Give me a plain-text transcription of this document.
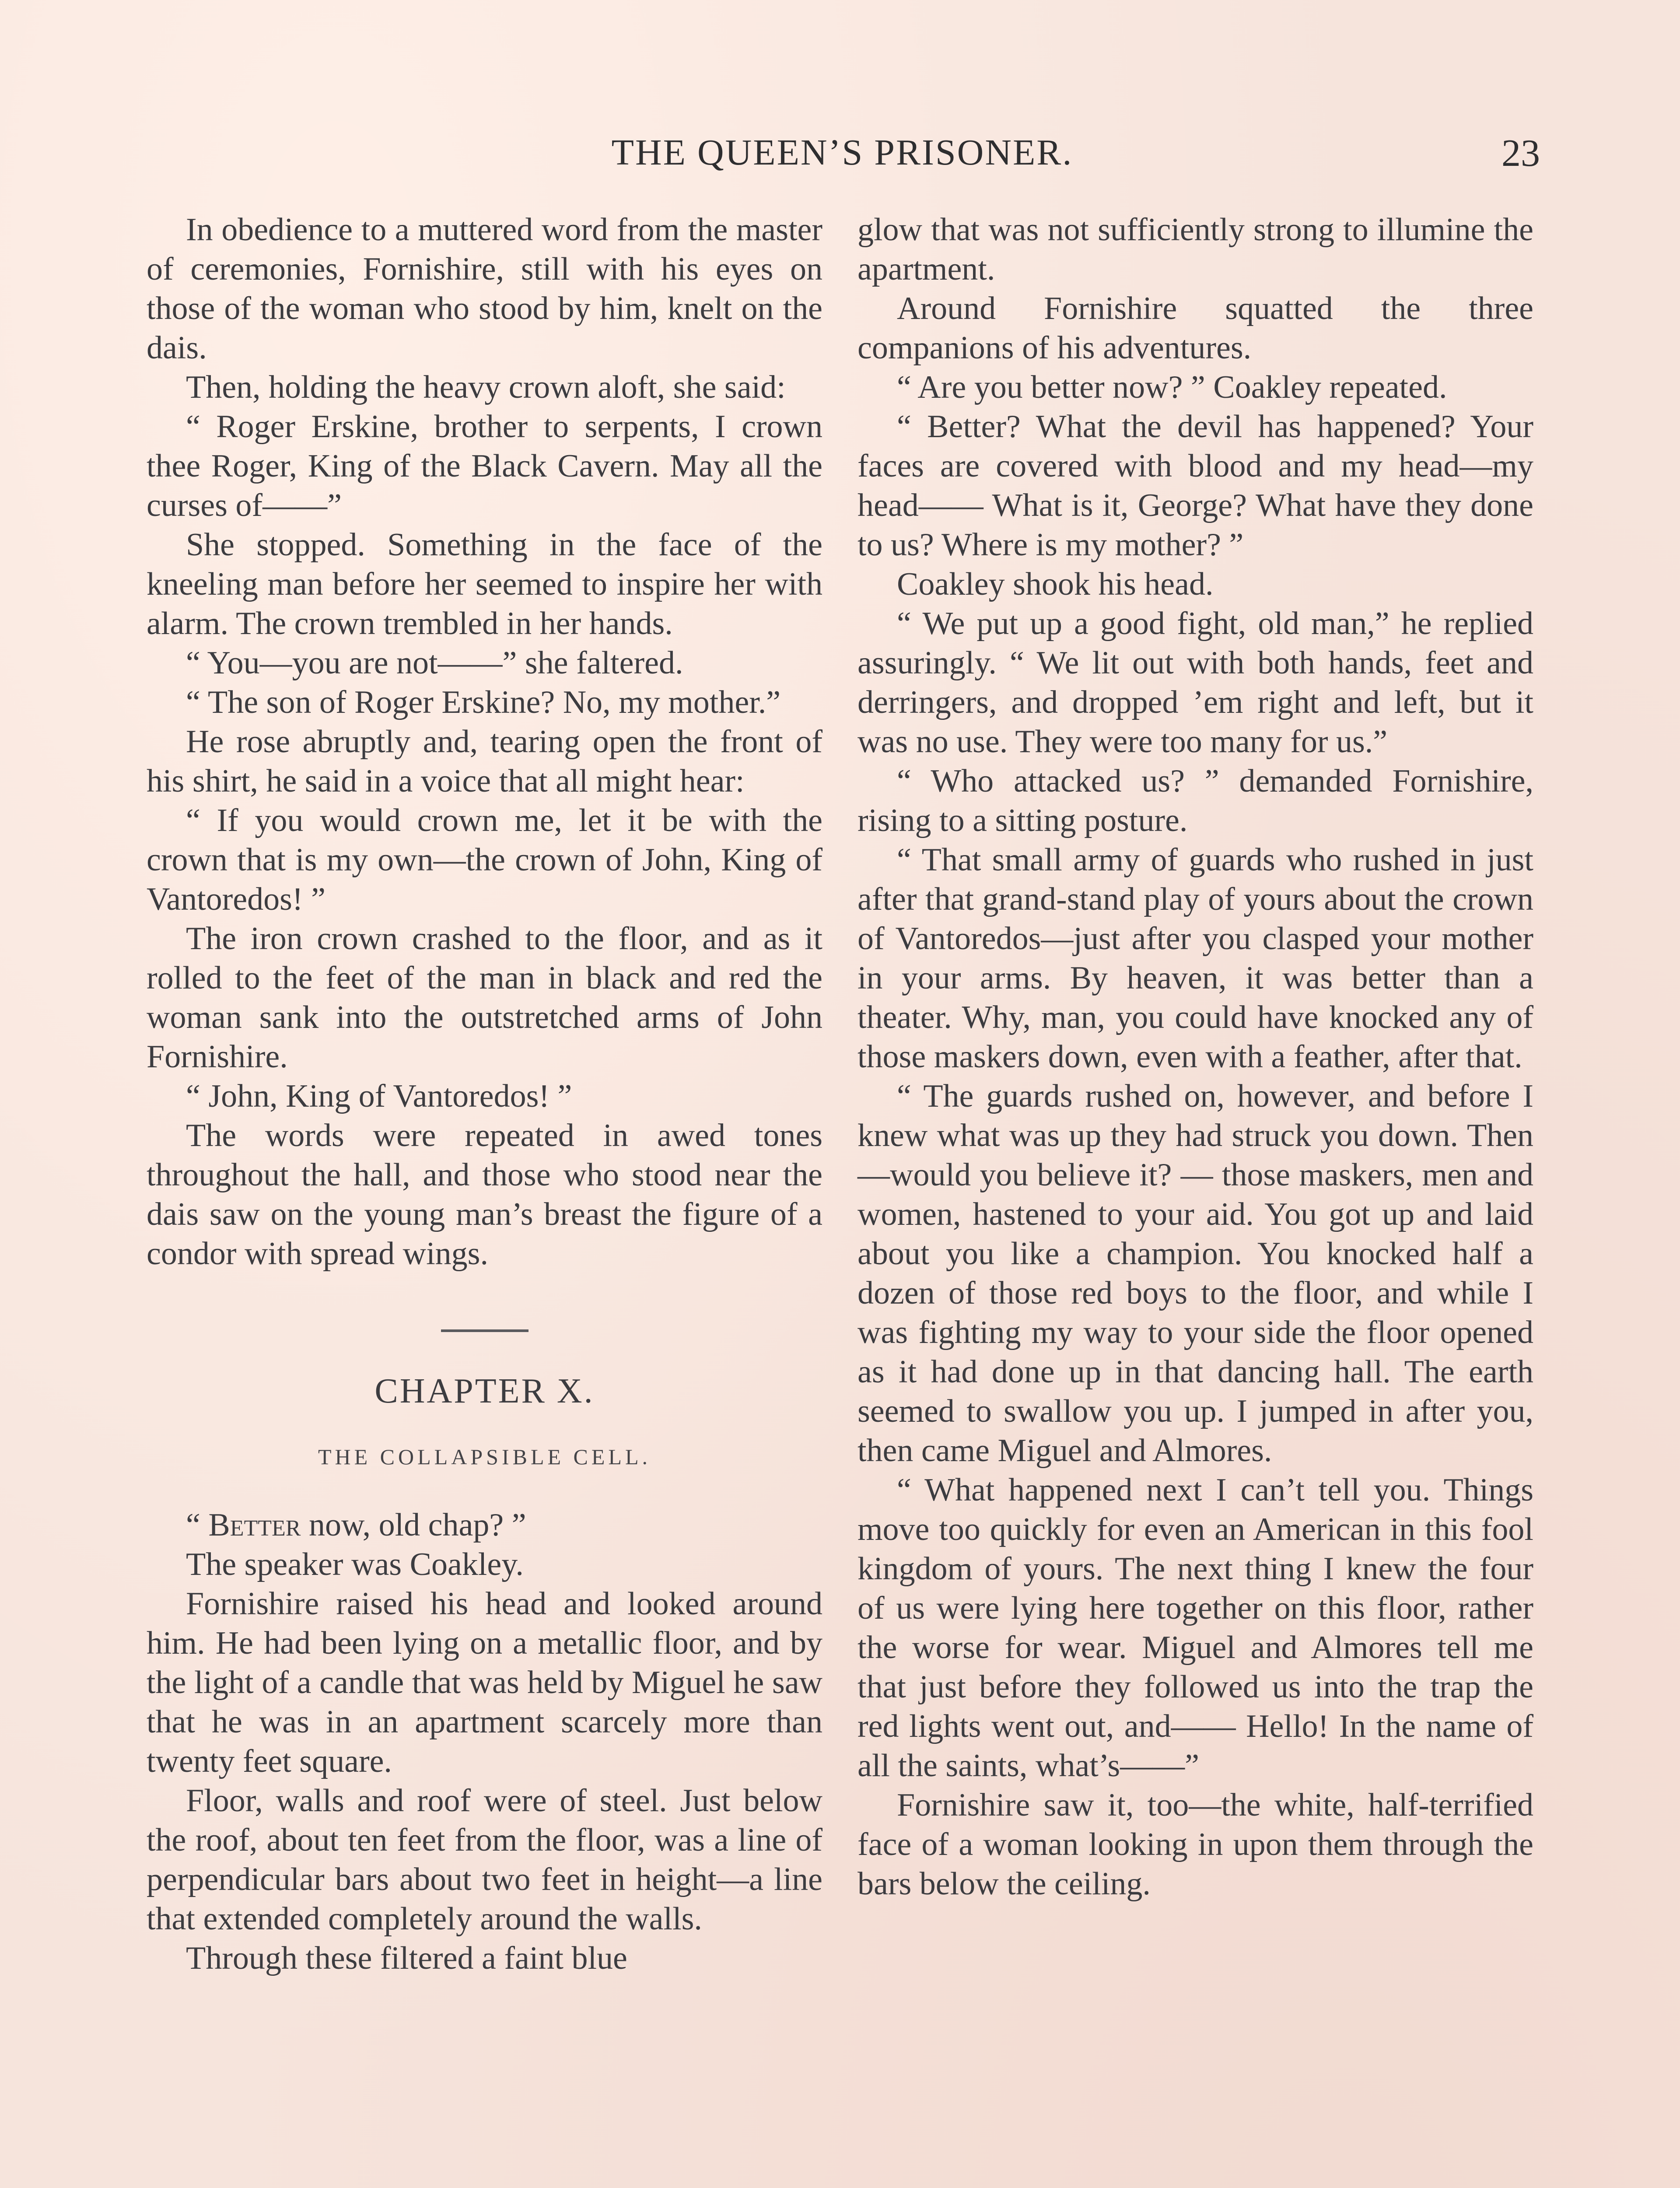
THE QUEEN’S PRISONER.	23

In obedience to a muttered word from the master of ceremonies, Fornishire, still with his eyes on those of the woman who stood by him, knelt on the dais.

Then, holding the heavy crown aloft, she said:

“ Roger Erskine, brother to serpents, I crown thee Roger, King of the Black Cavern. May all the curses of——”

She stopped. Something in the face of the kneeling man before her seemed to inspire her with alarm. The crown trembled in her hands.

“ You—you are not——” she faltered.

“ The son of Roger Erskine? No, my mother.”

He rose abruptly and, tearing open the front of his shirt, he said in a voice that all might hear:

“ If you would crown me, let it be with the crown that is my own—the crown of John, King of Vantoredos! ”

The iron crown crashed to the floor, and as it rolled to the feet of the man in black and red the woman sank into the outstretched arms of John Fornishire.

“ John, King of Vantoredos! ”

The words were repeated in awed tones throughout the hall, and those who stood near the dais saw on the young man’s breast the figure of a condor with spread wings.

CHAPTER X.
THE COLLAPSIBLE CELL.

“ Better now, old chap? ”

The speaker was Coakley.

Fornishire raised his head and looked around him. He had been lying on a metallic floor, and by the light of a candle that was held by Miguel he saw that he was in an apartment scarcely more than twenty feet square.

Floor, walls and roof were of steel. Just below the roof, about ten feet from the floor, was a line of perpendicular bars about two feet in height—a line that extended completely around the walls.

Through these filtered a faint blue

glow that was not sufficiently strong to illumine the apartment.

Around Fornishire squatted the three companions of his adventures.

“ Are you better now? ” Coakley repeated.

“ Better? What the devil has happened? Your faces are covered with blood and my head—my head—— What is it, George? What have they done to us? Where is my mother? ”

Coakley shook his head.

“ We put up a good fight, old man,” he replied assuringly. “ We lit out with both hands, feet and derringers, and dropped ’em right and left, but it was no use. They were too many for us.”

“ Who attacked us? ” demanded Fornishire, rising to a sitting posture.

“ That small army of guards who rushed in just after that grand-stand play of yours about the crown of Vantoredos—just after you clasped your mother in your arms. By heaven, it was better than a theater. Why, man, you could have knocked any of those maskers down, even with a feather, after that.

“ The guards rushed on, however, and before I knew what was up they had struck you down. Then—would you believe it? — those maskers, men and women, hastened to your aid. You got up and laid about you like a champion. You knocked half a dozen of those red boys to the floor, and while I was fighting my way to your side the floor opened as it had done up in that dancing hall. The earth seemed to swallow you up. I jumped in after you, then came Miguel and Almores.

“ What happened next I can’t tell you. Things move too quickly for even an American in this fool kingdom of yours. The next thing I knew the four of us were lying here together on this floor, rather the worse for wear. Miguel and Almores tell me that just before they followed us into the trap the red lights went out, and—— Hello! In the name of all the saints, what’s——”

Fornishire saw it, too—the white, half-terrified face of a woman looking in upon them through the bars below the ceiling.
